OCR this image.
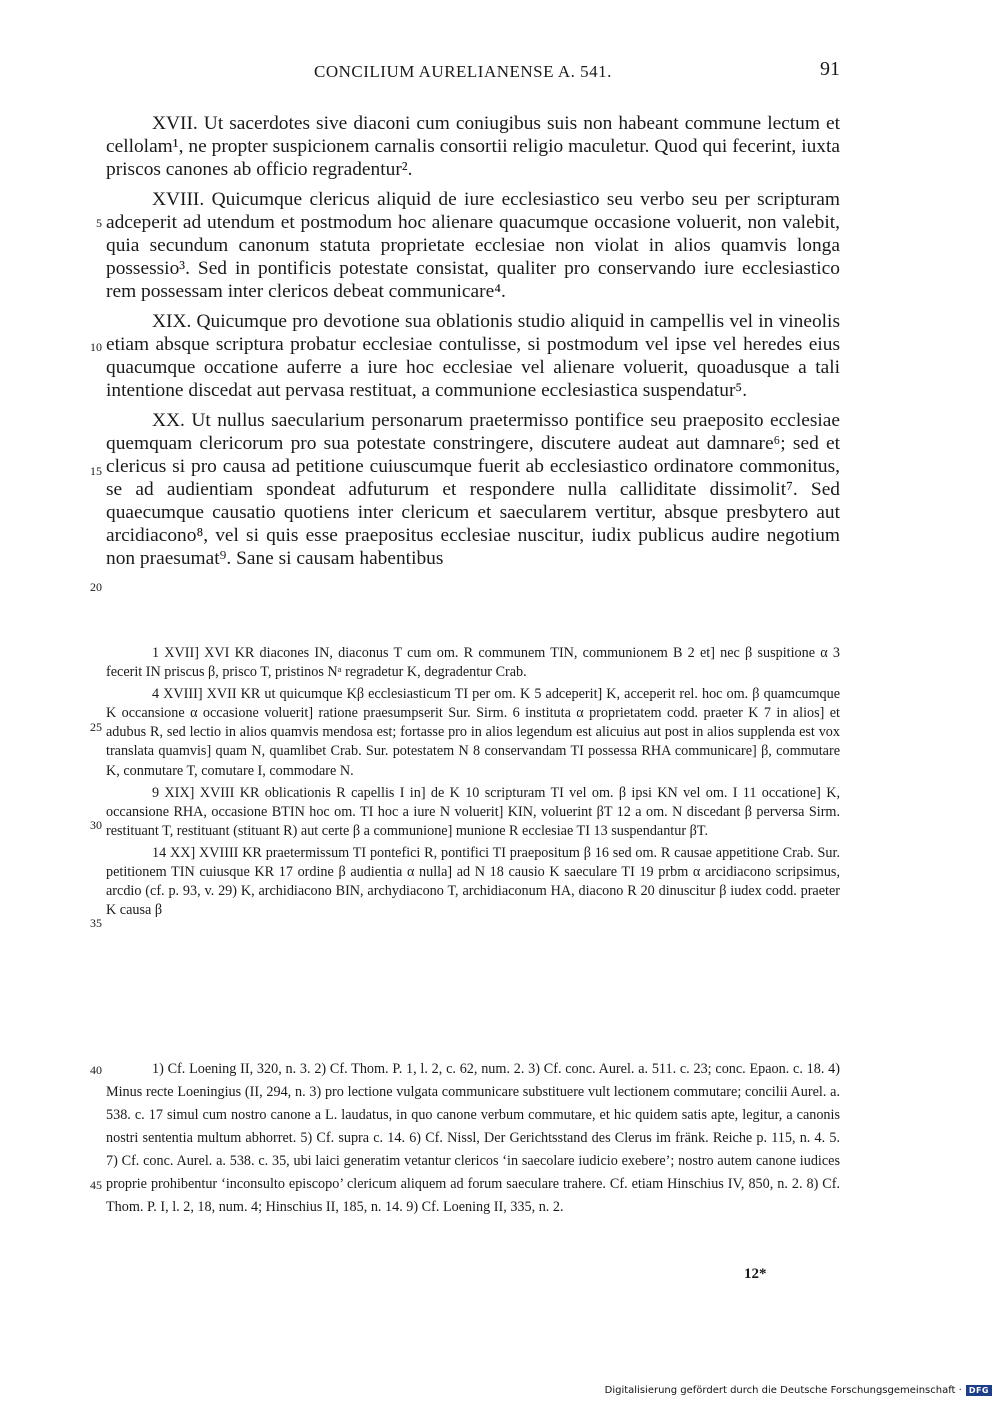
CONCILIUM AURELIANENSE A. 541.	91
5
10
15
20

XVII. Ut sacerdotes sive diaconi cum coniugibus suis non habeant commune lectum et cellolam¹, ne propter suspicionem carnalis consortii religio maculetur. Quod qui fecerint, iuxta priscos canones ab officio regradentur².

XVIII. Quicumque clericus aliquid de iure ecclesiastico seu verbo seu per scripturam adceperit ad utendum et postmodum hoc alienare quacumque occasione voluerit, non valebit, quia secundum canonum statuta proprietate ecclesiae non violat in alios quamvis longa possessio³. Sed in pontificis potestate consistat, qualiter pro conservando iure ecclesiastico rem possessam inter clericos debeat communicare⁴.

XIX. Quicumque pro devotione sua oblationis studio aliquid in campellis vel in vineolis etiam absque scriptura probatur ecclesiae contulisse, si postmodum vel ipse vel heredes eius quacumque occatione auferre a iure hoc ecclesiae vel alienare voluerit, quoadusque a tali intentione discedat aut pervasa restituat, a communione ecclesiastica suspendatur⁵.

XX. Ut nullus saecularium personarum praetermisso pontifice seu praeposito ecclesiae quemquam clericorum pro sua potestate constringere, discutere audeat aut damnare⁶; sed et clericus si pro causa ad petitione cuiuscumque fuerit ab ecclesiastico ordinatore commonitus, se ad audientiam spondeat adfuturum et respondere nulla calliditate dissimolit⁷. Sed quaecumque causatio quotiens inter clericum et saecularem vertitur, absque presbytero aut arcidiacono⁸, vel si quis esse praepositus ecclesiae nuscitur, iudix publicus audire negotium non praesumat⁹. Sane si causam habentibus

25
30
35

1 XVII] XVI KR diacones IN, diaconus T cum om. R communem TIN, communionem B 2 et] nec β suspitione α 3 fecerit IN priscus β, prisco T, pristinos Nᵃ regradetur K, degradentur Crab.

4 XVIII] XVII KR ut quicumque Kβ ecclesiasticum TI per om. K 5 adceperit] K, acceperit rel. hoc om. β quamcumque K occansione α occasione voluerit] ratione praesumpserit Sur. Sirm. 6 instituta α proprietatem codd. praeter K 7 in alios] et adubus R, sed lectio in alios quamvis mendosa est; fortasse pro in alios legendum est alicuius aut post in alios supplenda est vox translata quamvis] quam N, quamlibet Crab. Sur. potestatem N 8 conservandam TI possessa RHA communicare] β, commutare K, conmutare T, comutare I, commodare N.

9 XIX] XVIII KR oblicationis R capellis I in] de K 10 scripturam TI vel om. β ipsi KN vel om. I 11 occatione] K, occansione RHA, occasione BTIN hoc om. TI hoc a iure N voluerit] KIN, voluerint βT 12 a om. N discedant β perversa Sirm. restituant T, restituant (stituant R) aut certe β a communione] munione R ecclesiae TI 13 suspendantur βT.

14 XX] XVIIII KR praetermissum TI pontefici R, pontifici TI praepositum β 16 sed om. R causae appetitione Crab. Sur. petitionem TIN cuiusque KR 17 ordine β audientia α nulla] ad N 18 causio K saeculare TI 19 prbm α arcidiacono scripsimus, arcdio (cf. p. 93, v. 29) K, archidiacono BIN, archydiacono T, archidiaconum HA, diacono R 20 dinuscitur β iudex codd. praeter K causa β

40
45

1) Cf. Loening II, 320, n. 3. 2) Cf. Thom. P. 1, l. 2, c. 62, num. 2. 3) Cf. conc. Aurel. a. 511. c. 23; conc. Epaon. c. 18. 4) Minus recte Loeningius (II, 294, n. 3) pro lectione vulgata communicare substituere vult lectionem commutare; concilii Aurel. a. 538. c. 17 simul cum nostro canone a L. laudatus, in quo canone verbum commutare, et hic quidem satis apte, legitur, a canonis nostri sententia multum abhorret. 5) Cf. supra c. 14. 6) Cf. Nissl, Der Gerichtsstand des Clerus im fränk. Reiche p. 115, n. 4. 5. 7) Cf. conc. Aurel. a. 538. c. 35, ubi laici generatim vetantur clericos ‘in saecolare iudicio exebere’; nostro autem canone iudices proprie prohibentur ‘inconsulto episcopo’ clericum aliquem ad forum saeculare trahere. Cf. etiam Hinschius IV, 850, n. 2. 8) Cf. Thom. P. I, l. 2, 18, num. 4; Hinschius II, 185, n. 14. 9) Cf. Loening II, 335, n. 2.

12*
Digitalisierung gefördert durch die Deutsche Forschungsgemeinschaft · DFG
